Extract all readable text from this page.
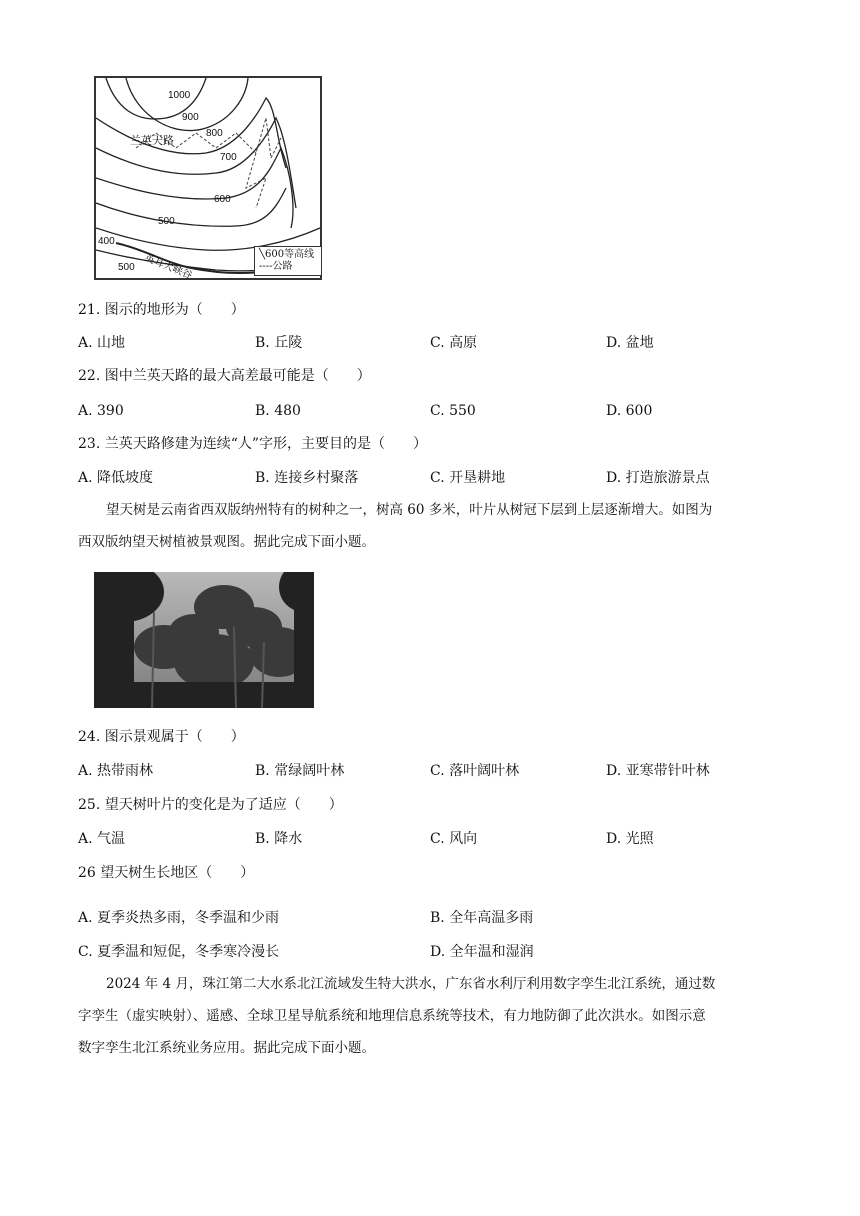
1000
900
800
700
600
500
400
500
兰英天路
英耳大峡谷	╲600等高线
----公路
21. 图示的地形为（　　）
A. 山地	B. 丘陵	C. 高原	D. 盆地
22. 图中兰英天路的最大高差最可能是（　　）
A. 390	B. 480	C. 550	D. 600
23. 兰英天路修建为连续“人”字形，主要目的是（　　）
A. 降低坡度	B. 连接乡村聚落	C. 开垦耕地	D. 打造旅游景点
望天树是云南省西双版纳州特有的树种之一，树高 60 多米，叶片从树冠下层到上层逐渐增大。如图为
西双版纳望天树植被景观图。据此完成下面小题。
24. 图示景观属于（　　）
A. 热带雨林	B. 常绿阔叶林	C. 落叶阔叶林	D. 亚寒带针叶林
25. 望天树叶片的变化是为了适应（　　）
A. 气温	B. 降水	C. 风向	D. 光照
26 望天树生长地区（　　）
A. 夏季炎热多雨，冬季温和少雨	B. 全年高温多雨
C. 夏季温和短促，冬季寒冷漫长	D. 全年温和湿润
2024 年 4 月，珠江第二大水系北江流域发生特大洪水，广东省水利厅利用数字孪生北江系统，通过数
字孪生（虚实映射）、遥感、全球卫星导航系统和地理信息系统等技术，有力地防御了此次洪水。如图示意
数字孪生北江系统业务应用。据此完成下面小题。
